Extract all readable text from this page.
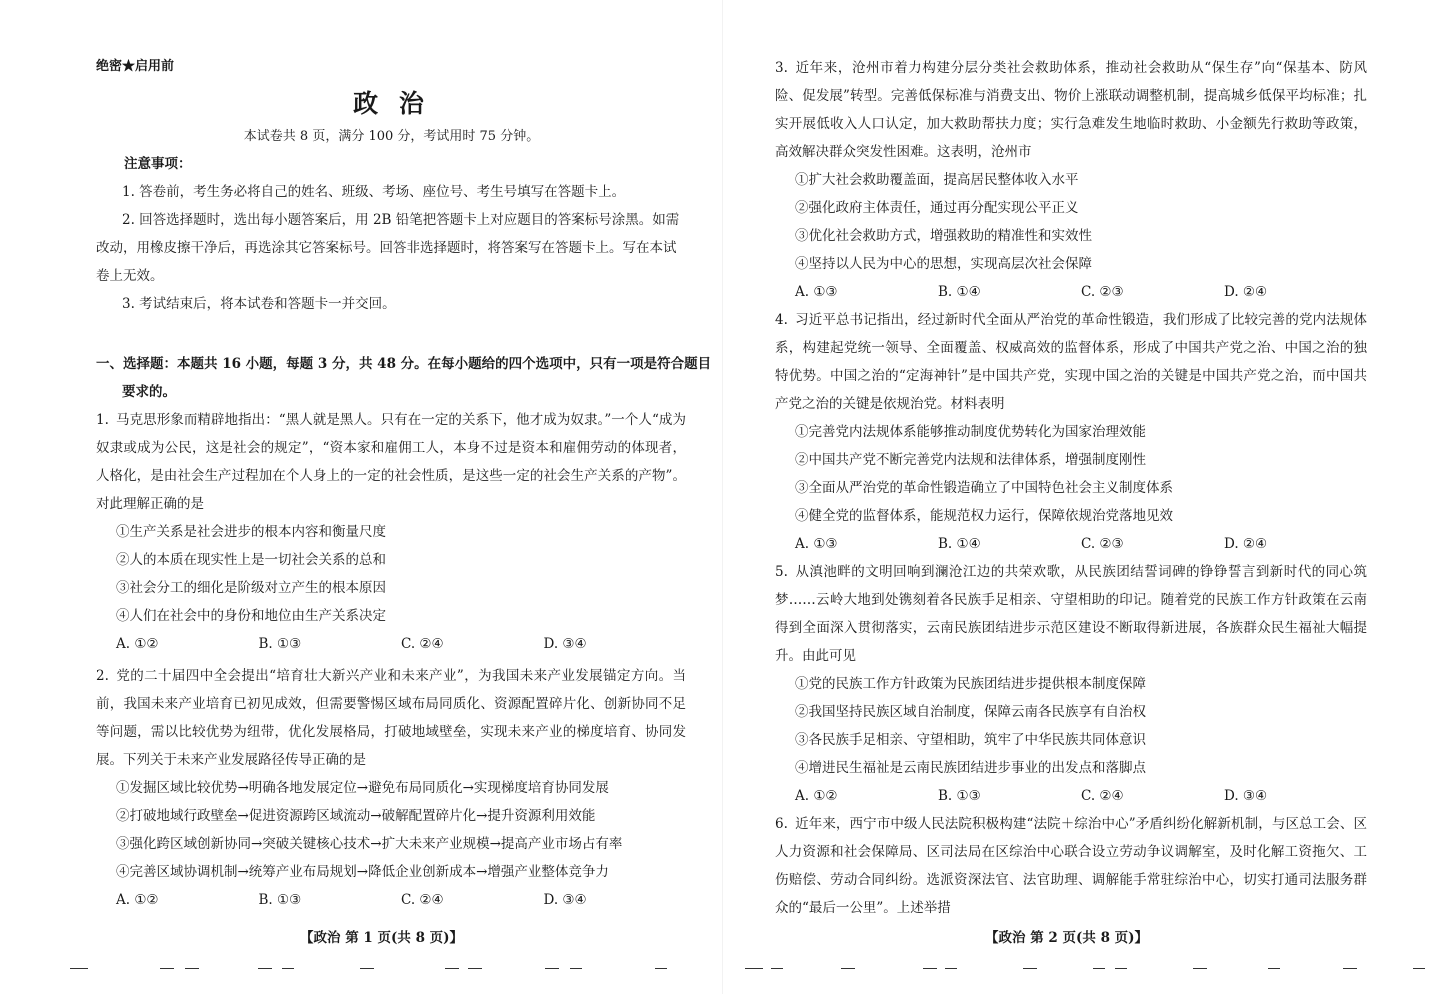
绝密★启用前
政 治
本试卷共 8 页，满分 100 分，考试用时 75 分钟。
注意事项：
1. 答卷前，考生务必将自己的姓名、班级、考场、座位号、考生号填写在答题卡上。
2. 回答选择题时，选出每小题答案后，用 2B 铅笔把答题卡上对应题目的答案标号涂黑。如需改动，用橡皮擦干净后，再选涂其它答案标号。回答非选择题时，将答案写在答题卡上。写在本试卷上无效。
3. 考试结束后，将本试卷和答题卡一并交回。
一、选择题：本题共 16 小题，每题 3 分，共 48 分。在每小题给的四个选项中，只有一项是符合题目要求的。
1. 马克思形象而精辟地指出：“黑人就是黑人。只有在一定的关系下，他才成为奴隶。”一个人“成为奴隶或成为公民，这是社会的规定”，“资本家和雇佣工人，本身不过是资本和雇佣劳动的体现者，人格化，是由社会生产过程加在个人身上的一定的社会性质，是这些一定的社会生产关系的产物”。对此理解正确的是
①生产关系是社会进步的根本内容和衡量尺度
②人的本质在现实性上是一切社会关系的总和
③社会分工的细化是阶级对立产生的根本原因
④人们在社会中的身份和地位由生产关系决定
A. ①②	B. ①③	C. ②④	D. ③④
2. 党的二十届四中全会提出“培育壮大新兴产业和未来产业”，为我国未来产业发展锚定方向。当前，我国未来产业培育已初见成效，但需要警惕区域布局同质化、资源配置碎片化、创新协同不足等问题，需以比较优势为纽带，优化发展格局，打破地域壁垒，实现未来产业的梯度培育、协同发展。下列关于未来产业发展路径传导正确的是
①发掘区域比较优势→明确各地发展定位→避免布局同质化→实现梯度培育协同发展
②打破地域行政壁垒→促进资源跨区域流动→破解配置碎片化→提升资源利用效能
③强化跨区域创新协同→突破关键核心技术→扩大未来产业规模→提高产业市场占有率
④完善区域协调机制→统筹产业布局规划→降低企业创新成本→增强产业整体竞争力
A. ①②	B. ①③	C. ②④	D. ③④
【政治 第 1 页(共 8 页)】
3. 近年来，沧州市着力构建分层分类社会救助体系，推动社会救助从“保生存”向“保基本、防风险、促发展”转型。完善低保标准与消费支出、物价上涨联动调整机制，提高城乡低保平均标准；扎实开展低收入人口认定，加大救助帮扶力度；实行急难发生地临时救助、小金额先行救助等政策，高效解决群众突发性困难。这表明，沧州市
①扩大社会救助覆盖面，提高居民整体收入水平
②强化政府主体责任，通过再分配实现公平正义
③优化社会救助方式，增强救助的精准性和实效性
④坚持以人民为中心的思想，实现高层次社会保障
A. ①③	B. ①④	C. ②③	D. ②④
4. 习近平总书记指出，经过新时代全面从严治党的革命性锻造，我们形成了比较完善的党内法规体系，构建起党统一领导、全面覆盖、权威高效的监督体系，形成了中国共产党之治、中国之治的独特优势。中国之治的“定海神针”是中国共产党，实现中国之治的关键是中国共产党之治，而中国共产党之治的关键是依规治党。材料表明
①完善党内法规体系能够推动制度优势转化为国家治理效能
②中国共产党不断完善党内法规和法律体系，增强制度刚性
③全面从严治党的革命性锻造确立了中国特色社会主义制度体系
④健全党的监督体系，能规范权力运行，保障依规治党落地见效
A. ①③	B. ①④	C. ②③	D. ②④
5. 从滇池畔的文明回响到澜沧江边的共荣欢歌，从民族团结誓词碑的铮铮誓言到新时代的同心筑梦……云岭大地到处镌刻着各民族手足相亲、守望相助的印记。随着党的民族工作方针政策在云南得到全面深入贯彻落实，云南民族团结进步示范区建设不断取得新进展，各族群众民生福祉大幅提升。由此可见
①党的民族工作方针政策为民族团结进步提供根本制度保障
②我国坚持民族区域自治制度，保障云南各民族享有自治权
③各民族手足相亲、守望相助，筑牢了中华民族共同体意识
④增进民生福祉是云南民族团结进步事业的出发点和落脚点
A. ①②	B. ①③	C. ②④	D. ③④
6. 近年来，西宁市中级人民法院积极构建“法院＋综治中心”矛盾纠纷化解新机制，与区总工会、区人力资源和社会保障局、区司法局在区综治中心联合设立劳动争议调解室，及时化解工资拖欠、工伤赔偿、劳动合同纠纷。选派资深法官、法官助理、调解能手常驻综治中心，切实打通司法服务群众的“最后一公里”。上述举措
【政治 第 2 页(共 8 页)】
